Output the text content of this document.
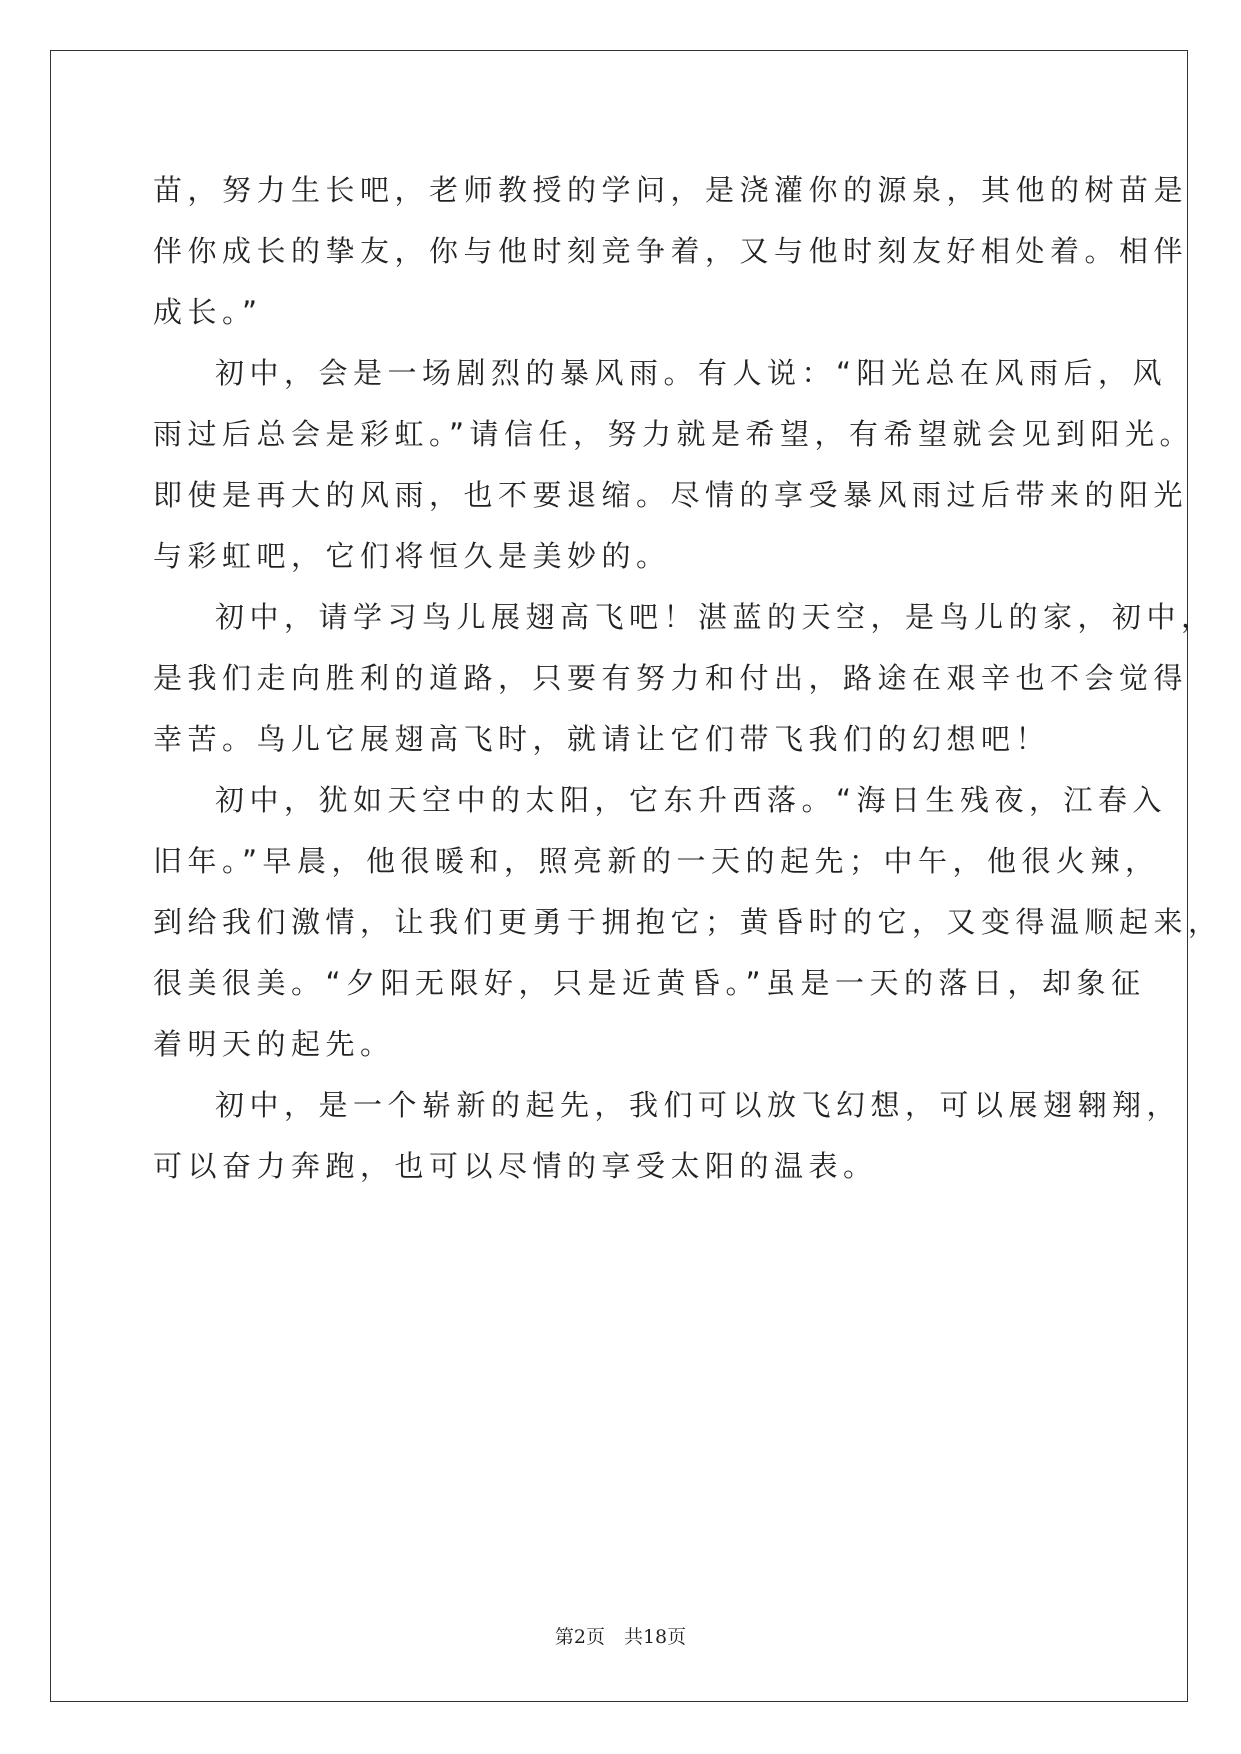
苗，努力生长吧，老师教授的学问，是浇灌你的源泉，其他的树苗是

伴你成长的挚友，你与他时刻竞争着，又与他时刻友好相处着。相伴

成长。”

初中，会是一场剧烈的暴风雨。有人说：“阳光总在风雨后，风

雨过后总会是彩虹。”请信任，努力就是希望，有希望就会见到阳光。

即使是再大的风雨，也不要退缩。尽情的享受暴风雨过后带来的阳光

与彩虹吧，它们将恒久是美妙的。

初中，请学习鸟儿展翅高飞吧！湛蓝的天空，是鸟儿的家，初中，

是我们走向胜利的道路，只要有努力和付出，路途在艰辛也不会觉得

幸苦。鸟儿它展翅高飞时，就请让它们带飞我们的幻想吧！

初中，犹如天空中的太阳，它东升西落。“海日生残夜，江春入

旧年。”早晨，他很暖和，照亮新的一天的起先；中午，他很火辣，

到给我们激情，让我们更勇于拥抱它；黄昏时的它，又变得温顺起来，

很美很美。“夕阳无限好，只是近黄昏。”虽是一天的落日，却象征

着明天的起先。

初中，是一个崭新的起先，我们可以放飞幻想，可以展翅翱翔，

可以奋力奔跑，也可以尽情的享受太阳的温表。

第2页　共18页
